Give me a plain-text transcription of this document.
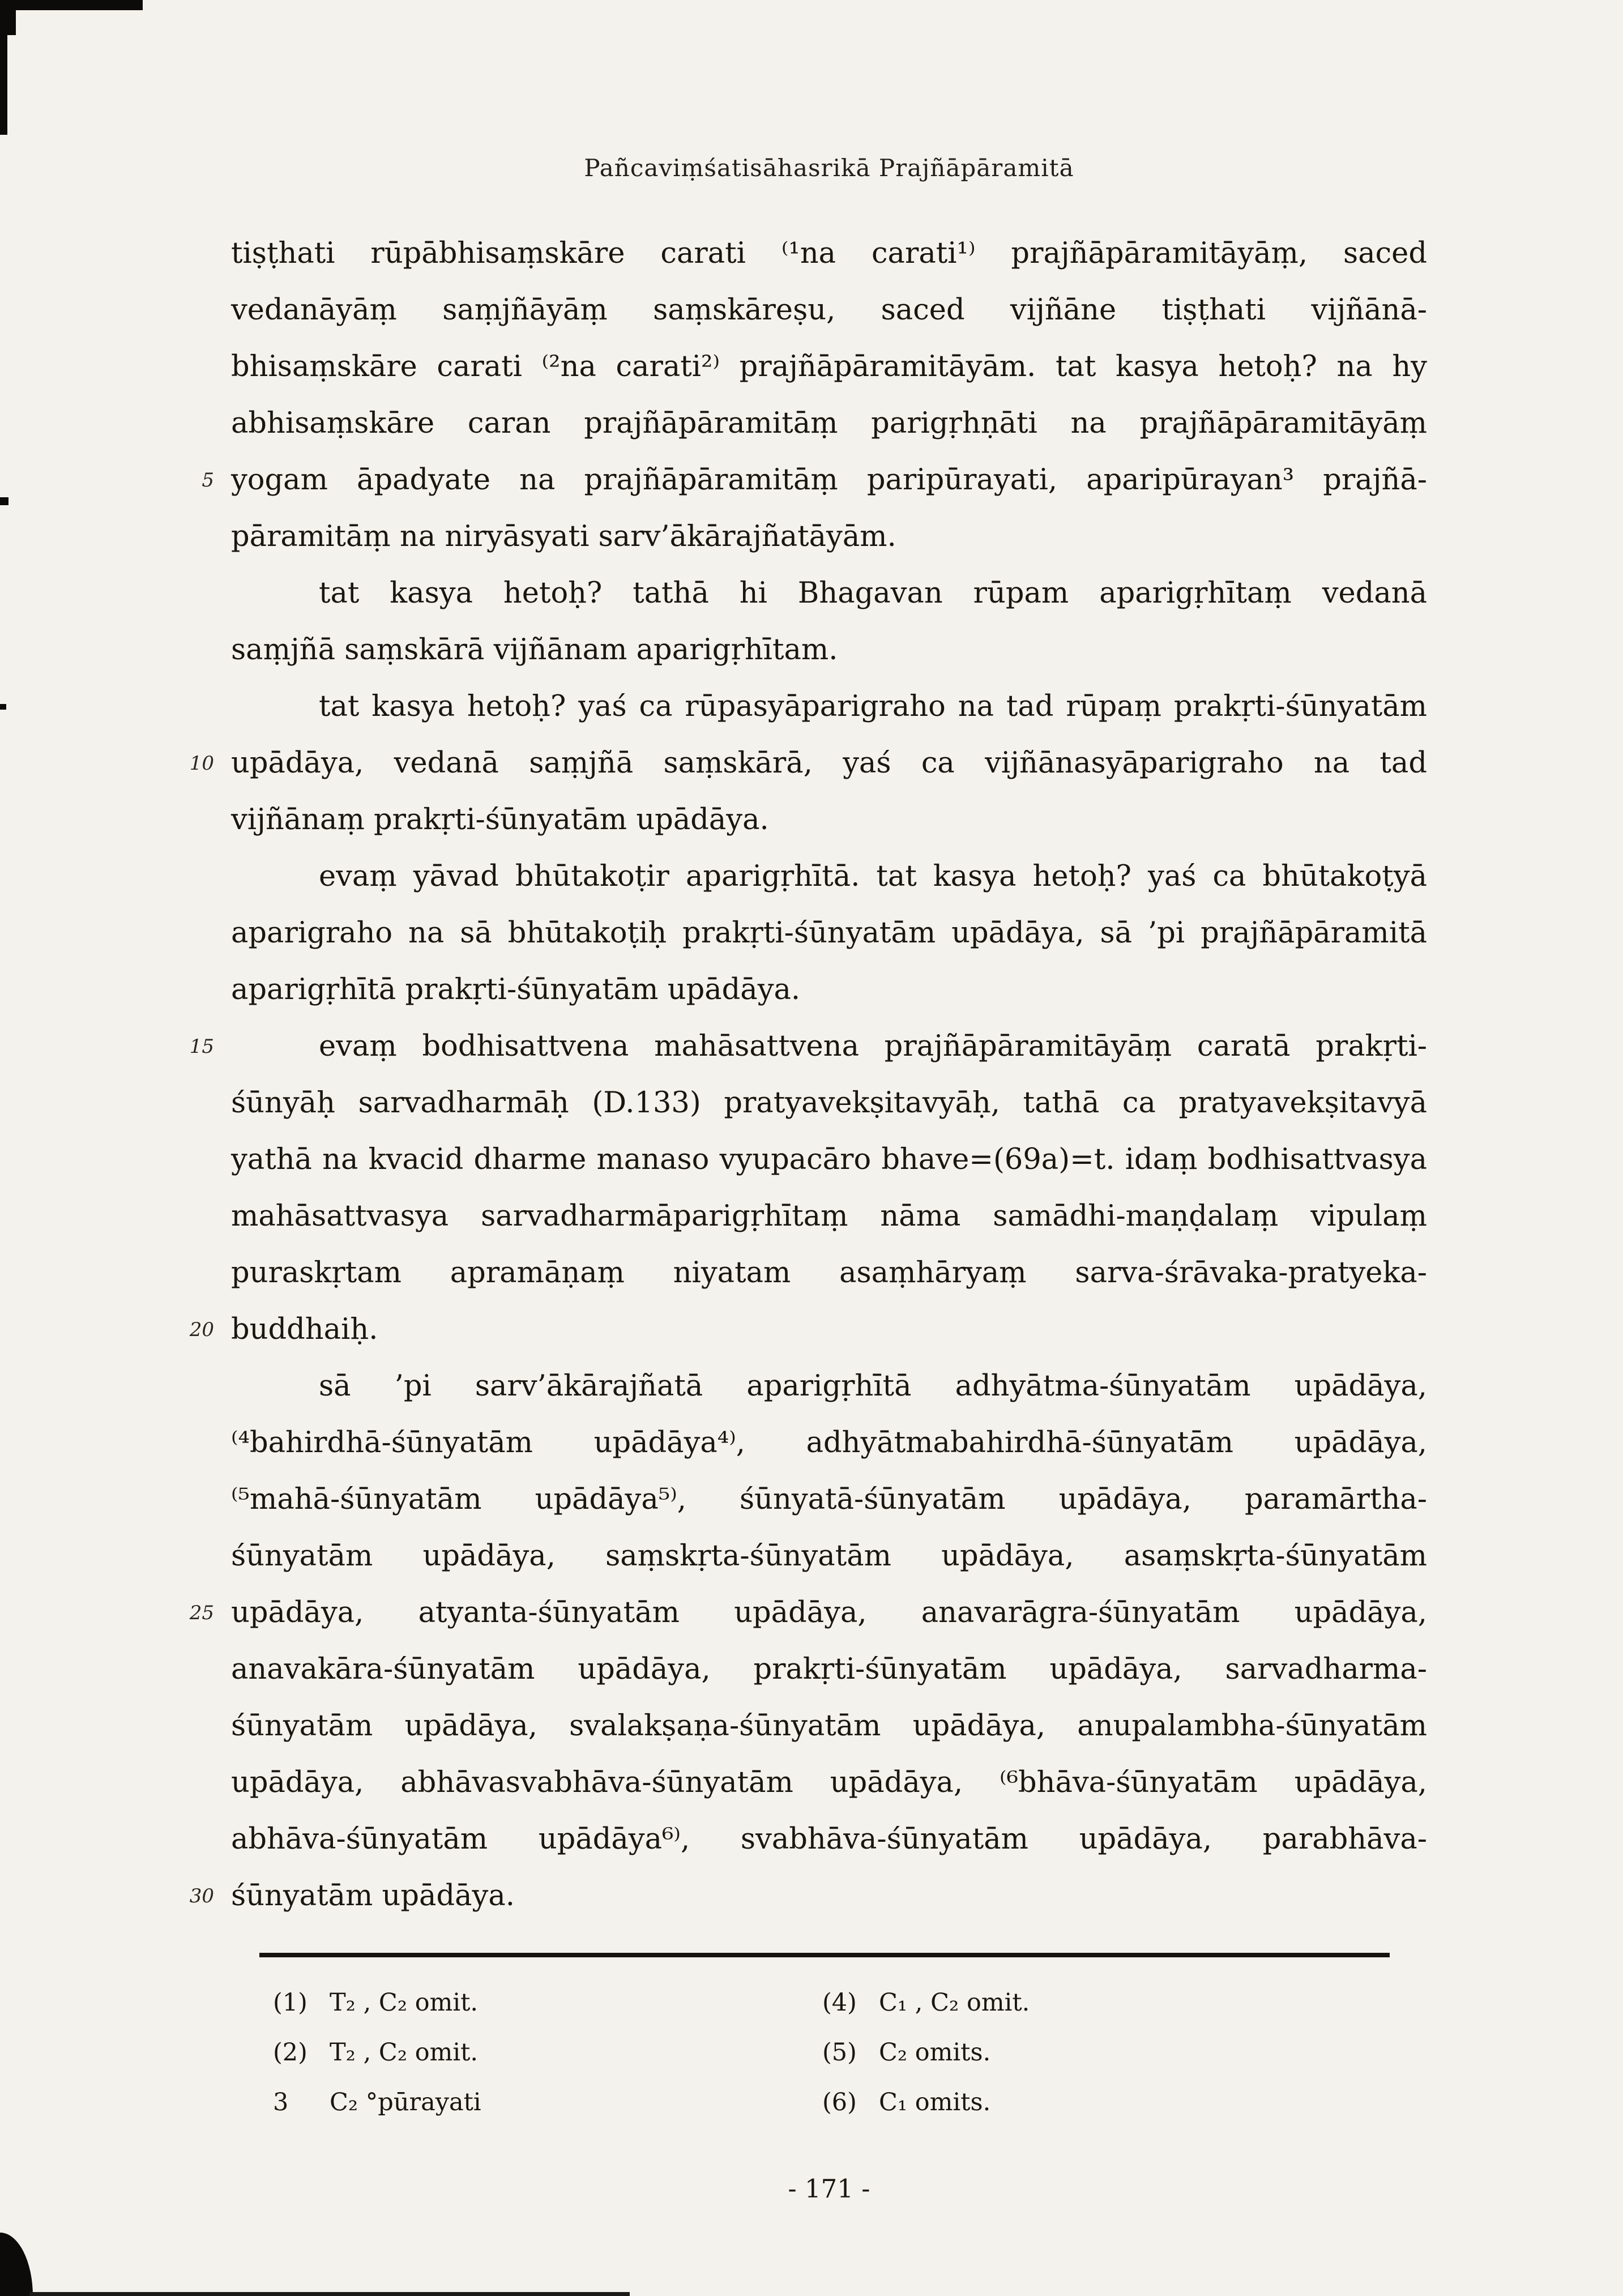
Pañcaviṃśatisāhasrikā Prajñāpāramitā
5
10
15
20
25
30
tiṣṭhati rūpābhisaṃskāre carati ⁽¹na carati¹⁾ prajñāpāramitāyāṃ, saced
vedanāyāṃ saṃjñāyāṃ saṃskāreṣu, saced vijñāne tiṣṭhati vijñānā-
bhisaṃskāre carati ⁽²na carati²⁾ prajñāpāramitāyām. tat kasya hetoḥ? na hy
abhisaṃskāre caran prajñāpāramitāṃ parigṛhṇāti na prajñāpāramitāyāṃ
yogam āpadyate na prajñāpāramitāṃ paripūrayati, aparipūrayan³ prajñā-
pāramitāṃ na niryāsyati sarv’ākārajñatāyām.
tat kasya hetoḥ? tathā hi Bhagavan rūpam aparigṛhītaṃ vedanā
saṃjñā saṃskārā vijñānam aparigṛhītam.
tat kasya hetoḥ? yaś ca rūpasyāparigraho na tad rūpaṃ prakṛti-śūnyatām
upādāya, vedanā saṃjñā saṃskārā, yaś ca vijñānasyāparigraho na tad
vijñānaṃ prakṛti-śūnyatām upādāya.
evaṃ yāvad bhūtakoṭir aparigṛhītā. tat kasya hetoḥ? yaś ca bhūtakoṭyā
aparigraho na sā bhūtakoṭiḥ prakṛti-śūnyatām upādāya, sā ’pi prajñāpāramitā
aparigṛhītā prakṛti-śūnyatām upādāya.
evaṃ bodhisattvena mahāsattvena prajñāpāramitāyāṃ caratā prakṛti-
śūnyāḥ sarvadharmāḥ (D.133) pratyavekṣitavyāḥ, tathā ca pratyavekṣitavyā
yathā na kvacid dharme manaso vyupacāro bhave=(69a)=t. idaṃ bodhisattvasya
mahāsattvasya sarvadharmāparigṛhītaṃ nāma samādhi-maṇḍalaṃ vipulaṃ
puraskṛtam apramāṇaṃ niyatam asaṃhāryaṃ sarva-śrāvaka-pratyeka-
buddhaiḥ.
sā ’pi sarv’ākārajñatā aparigṛhītā adhyātma-śūnyatām upādāya,
⁽⁴bahirdhā-śūnyatām upādāya⁴⁾, adhyātmabahirdhā-śūnyatām upādāya,
⁽⁵mahā-śūnyatām upādāya⁵⁾, śūnyatā-śūnyatām upādāya, paramārtha-
śūnyatām upādāya, saṃskṛta-śūnyatām upādāya, asaṃskṛta-śūnyatām
upādāya, atyanta-śūnyatām upādāya, anavarāgra-śūnyatām upādāya,
anavakāra-śūnyatām upādāya, prakṛti-śūnyatām upādāya, sarvadharma-
śūnyatām upādāya, svalakṣaṇa-śūnyatām upādāya, anupalambha-śūnyatām
upādāya, abhāvasvabhāva-śūnyatām upādāya, ⁽⁶bhāva-śūnyatām upādāya,
abhāva-śūnyatām upādāya⁶⁾, svabhāva-śūnyatām upādāya, parabhāva-
śūnyatām upādāya.
(1) T₂ , C₂ omit.
(2) T₂ , C₂ omit.
3 C₂ °pūrayati
(4) C₁ , C₂ omit.
(5) C₂ omits.
(6) C₁ omits.
- 171 -
